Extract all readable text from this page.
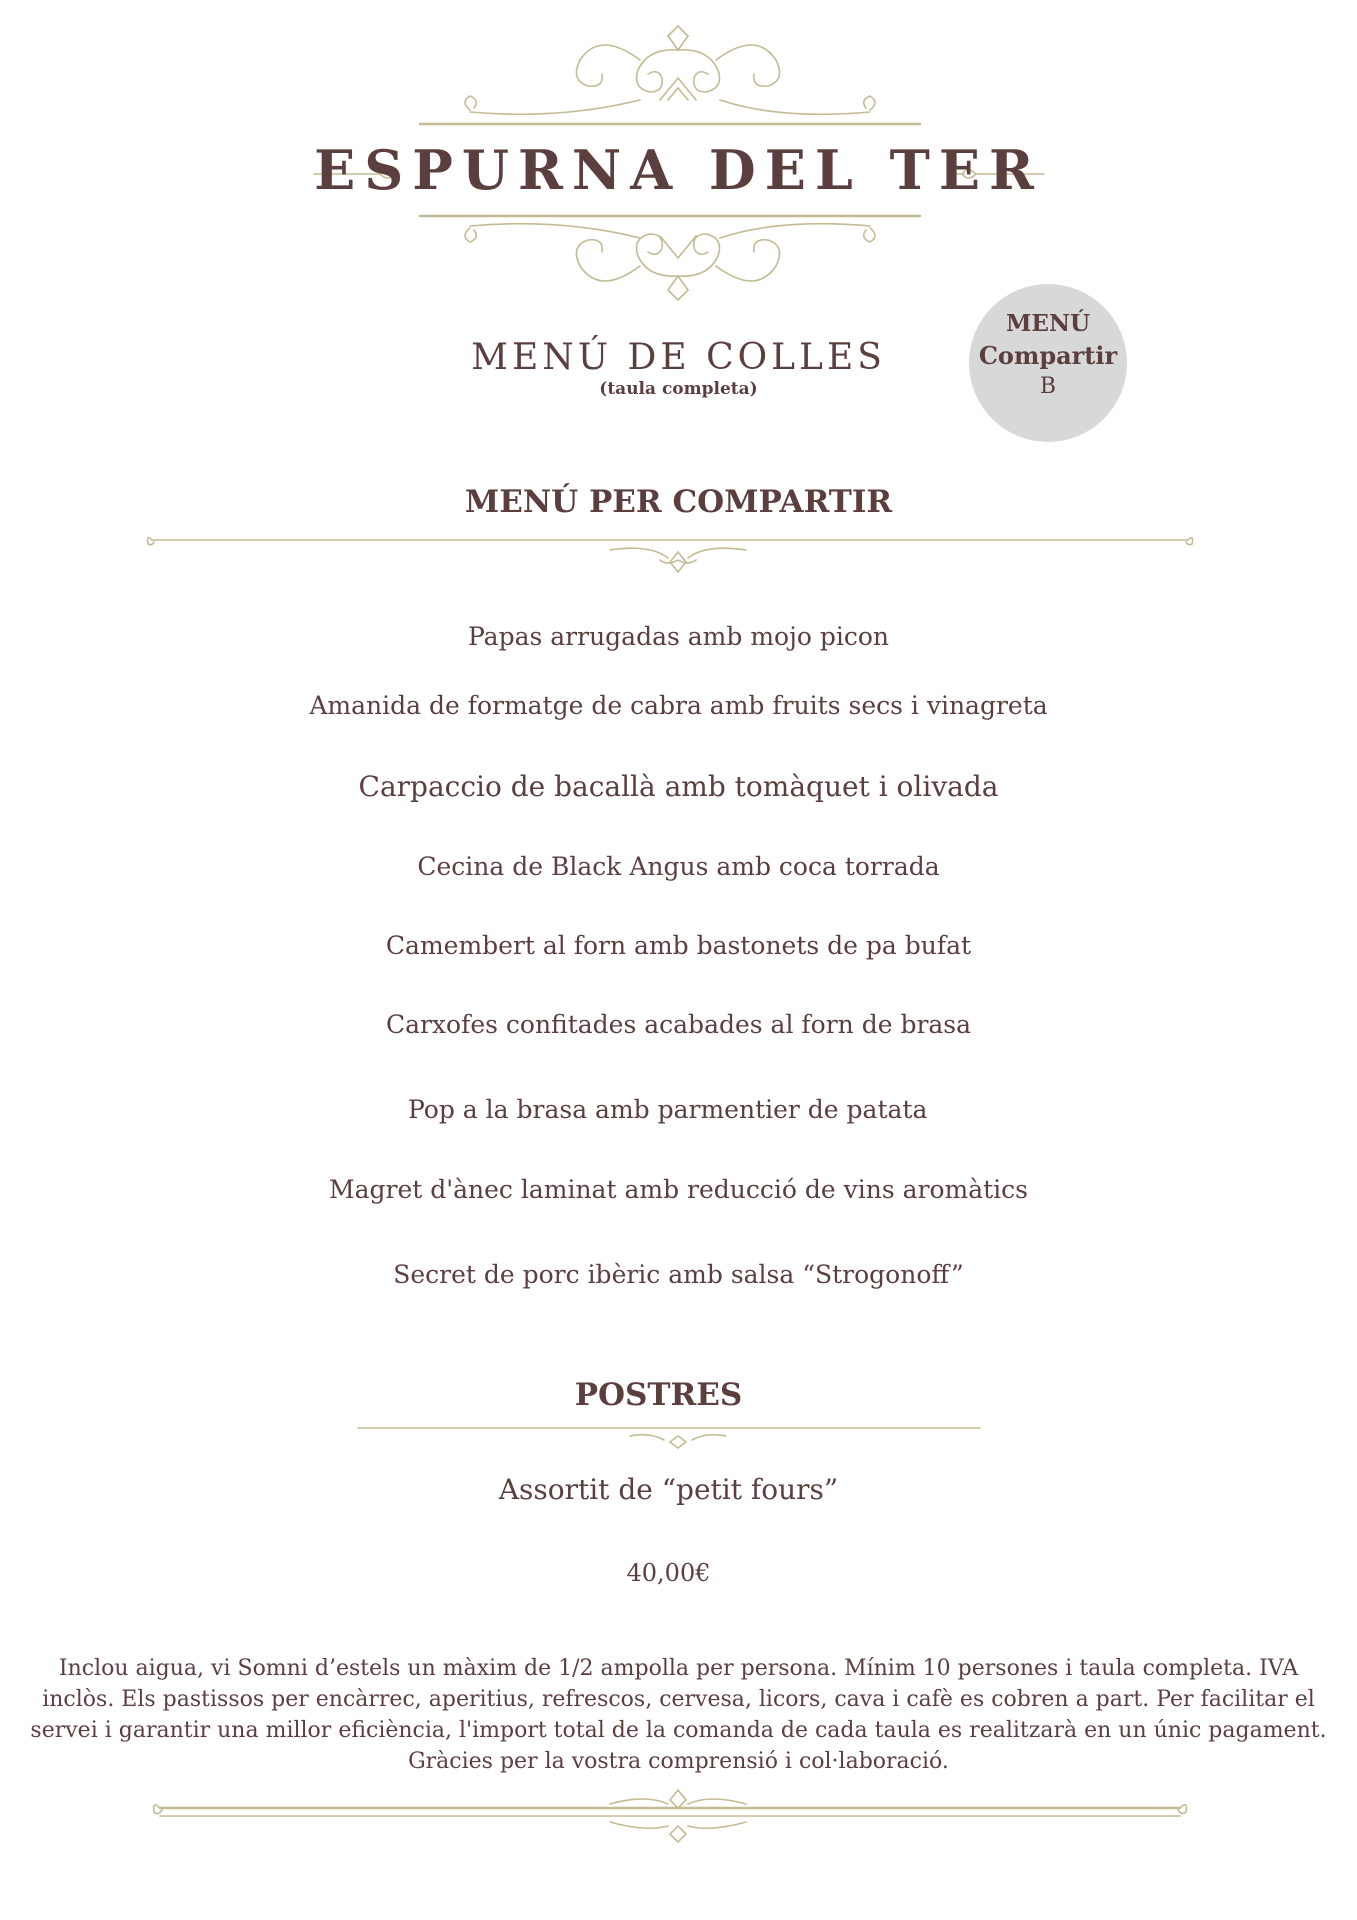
ESPURNA DEL TER
MENÚ DE COLLES
(taula completa)
MENÚ
Compartir
B
MENÚ PER COMPARTIR
Papas arrugadas amb mojo picon
Amanida de formatge de cabra amb fruits secs i vinagreta
Carpaccio de bacallà amb tomàquet i olivada
Cecina de Black Angus amb coca torrada
Camembert al forn amb bastonets de pa bufat
Carxofes confitades acabades al forn de brasa
Pop a la brasa amb parmentier de patata
Magret d'ànec laminat amb reducció de vins aromàtics
Secret de porc ibèric amb salsa “Strogonoff”
POSTRES
Assortit de “petit fours”
40,00€
Inclou aigua, vi Somni d’estels un màxim de 1/2 ampolla per persona. Mínim 10 persones i taula completa. IVA inclòs. Els pastissos per encàrrec, aperitius, refrescos, cervesa, licors, cava i cafè es cobren a part. Per facilitar el servei i garantir una millor eficiència, l'import total de la comanda de cada taula es realitzarà en un únic pagament. Gràcies per la vostra comprensió i col·laboració.
